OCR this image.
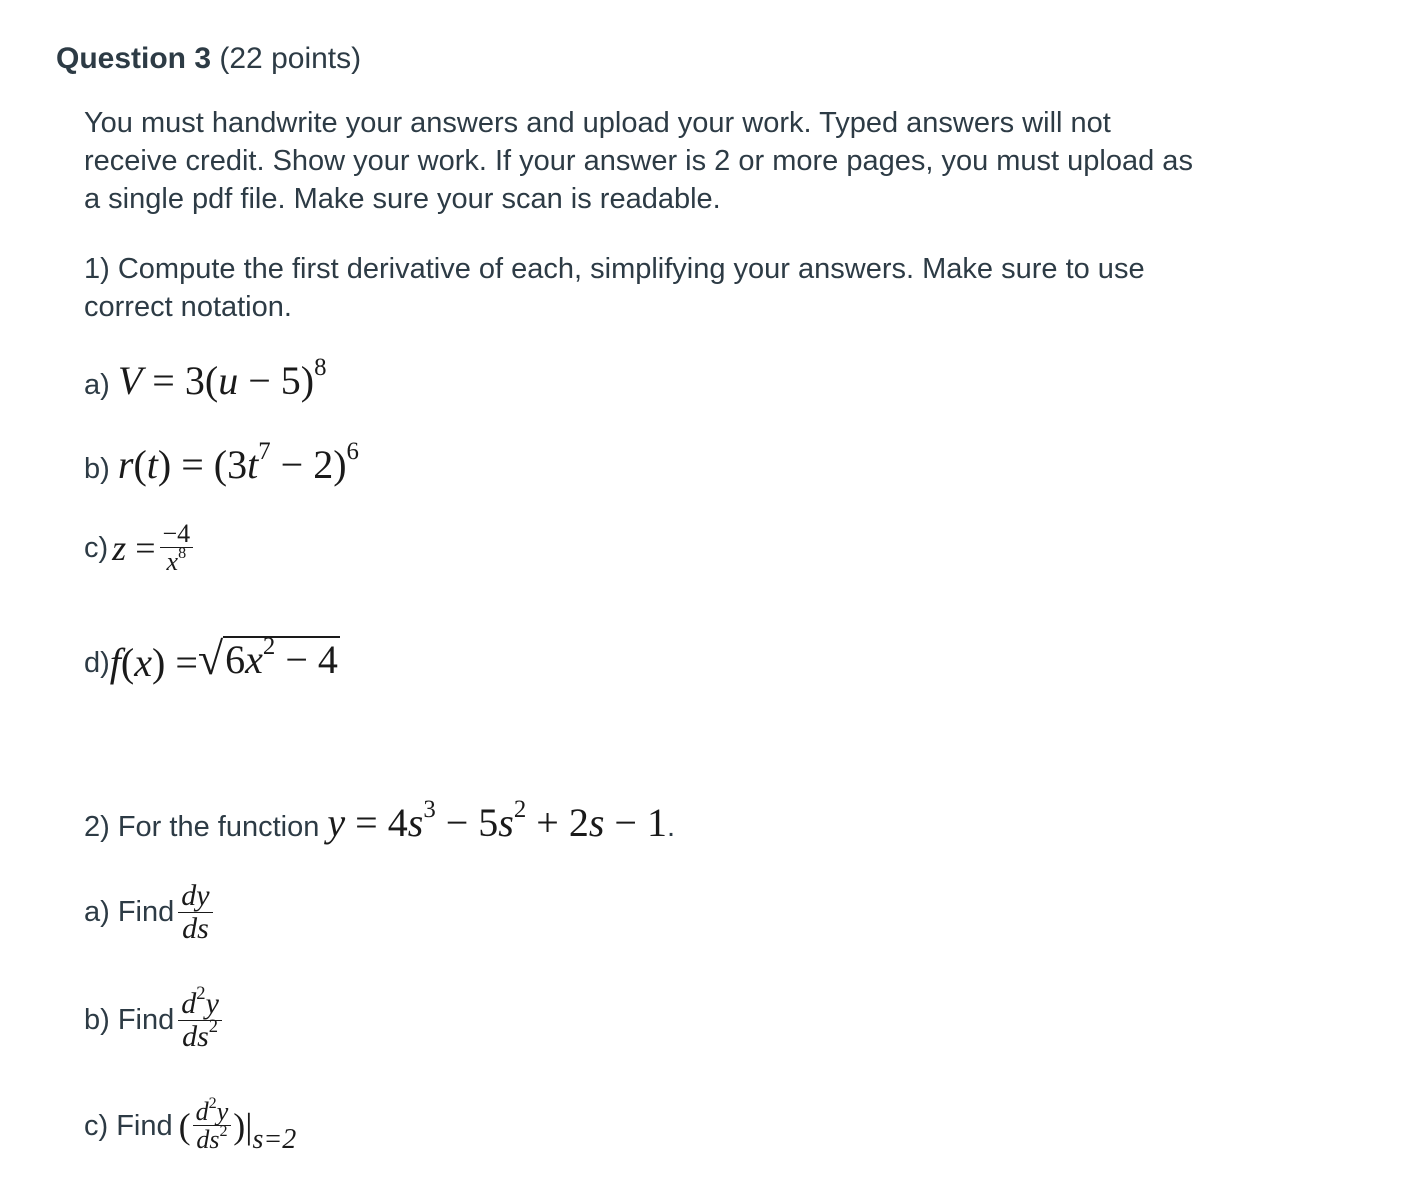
Question 3 (22 points)
You must handwrite your answers and upload your work. Typed answers will not
receive credit. Show your work. If your answer is 2 or more pages, you must upload as
a single pdf file. Make sure your scan is readable.
1) Compute the first derivative of each, simplifying your answers. Make sure to use
correct notation.
a) $V = 3(u - 5)^8$
b) $r(t) = (3t^7 - 2)^6$
c) $z = \frac{-4}{x^8}$
d) f(x) = √ $6x^2 - 4$
2) For the function $y = 4s^3 - 5s^2 + 2s - 1$.
a) Find $\frac{dy}{ds}$
b) Find $\frac{d^2y}{ds^2}$
c) Find ( $\frac{d^2y}{ds^2}$ )| s=2
